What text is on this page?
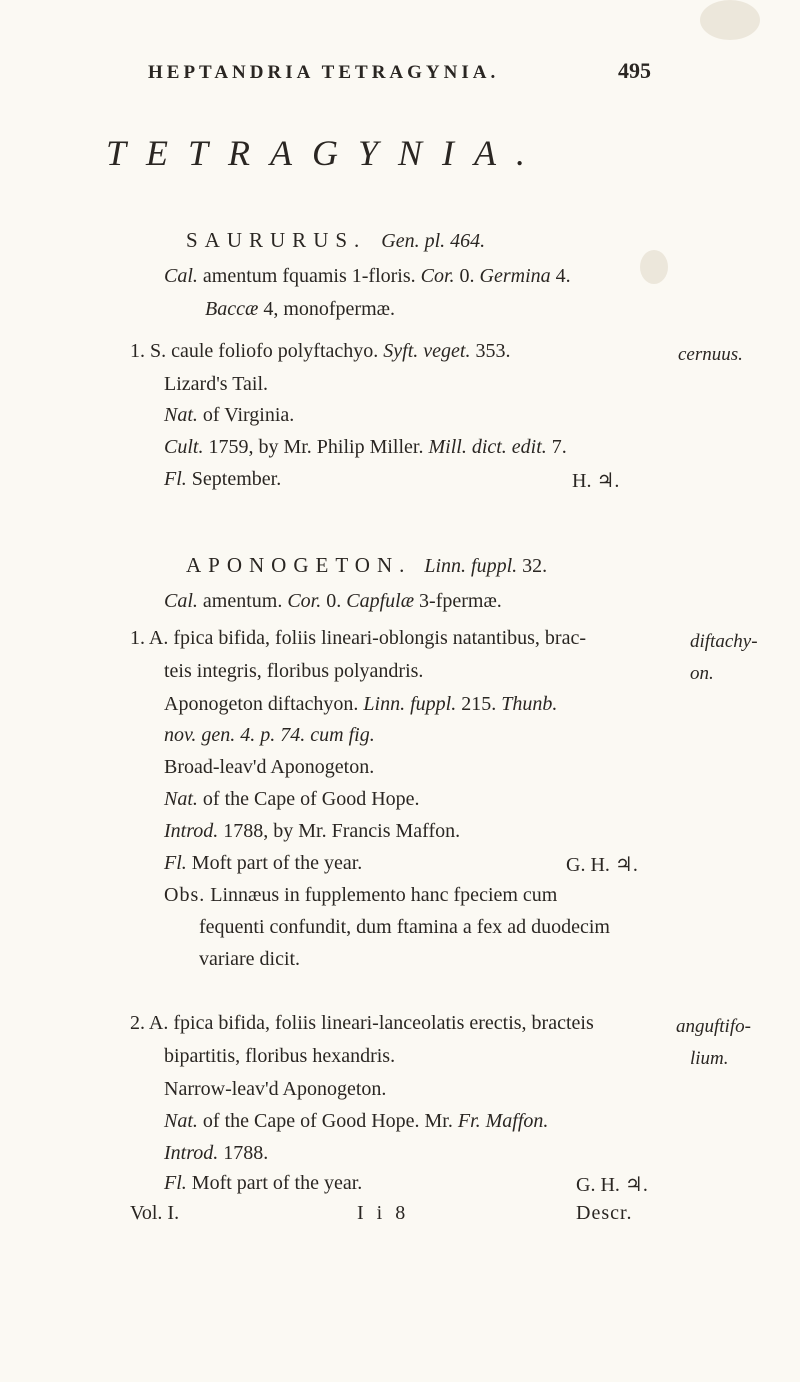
HEPTANDRIA TETRAGYNIA.	495
TETRAGYNIA.
SAURURUS. Gen. pl. 464.
Cal. amentum fquamis 1-floris. Cor. 0. Germina 4.
Baccæ 4, monofpermæ.
1. S. caule foliofo polyftachyo. Syft. veget. 353.	cernuus.
Lizard's Tail.
Nat. of Virginia.
Cult. 1759, by Mr. Philip Miller. Mill. dict. edit. 7.
Fl. September.	H. ♃.
APONOGETON. Linn. fuppl. 32.
Cal. amentum. Cor. 0. Capfulæ 3-fpermæ.
1. A. fpica bifida, foliis lineari-oblongis natantibus, brac-	diftachy-
teis integris, floribus polyandris.	on.
Aponogeton diftachyon. Linn. fuppl. 215. Thunb.
nov. gen. 4. p. 74. cum fig.
Broad-leav'd Aponogeton.
Nat. of the Cape of Good Hope.
Introd. 1788, by Mr. Francis Maffon.
Fl. Moft part of the year.	G. H. ♃.
Obs. Linnæus in fupplemento hanc fpeciem cum
fequenti confundit, dum ftamina a fex ad duodecim
variare dicit.
2. A. fpica bifida, foliis lineari-lanceolatis erectis, bracteis	anguftifo-
bipartitis, floribus hexandris.	lium.
Narrow-leav'd Aponogeton.
Nat. of the Cape of Good Hope. Mr. Fr. Maffon.
Introd. 1788.
Fl. Moft part of the year.	G. H. ♃.
Vol. I.	I i 8	Descr.
